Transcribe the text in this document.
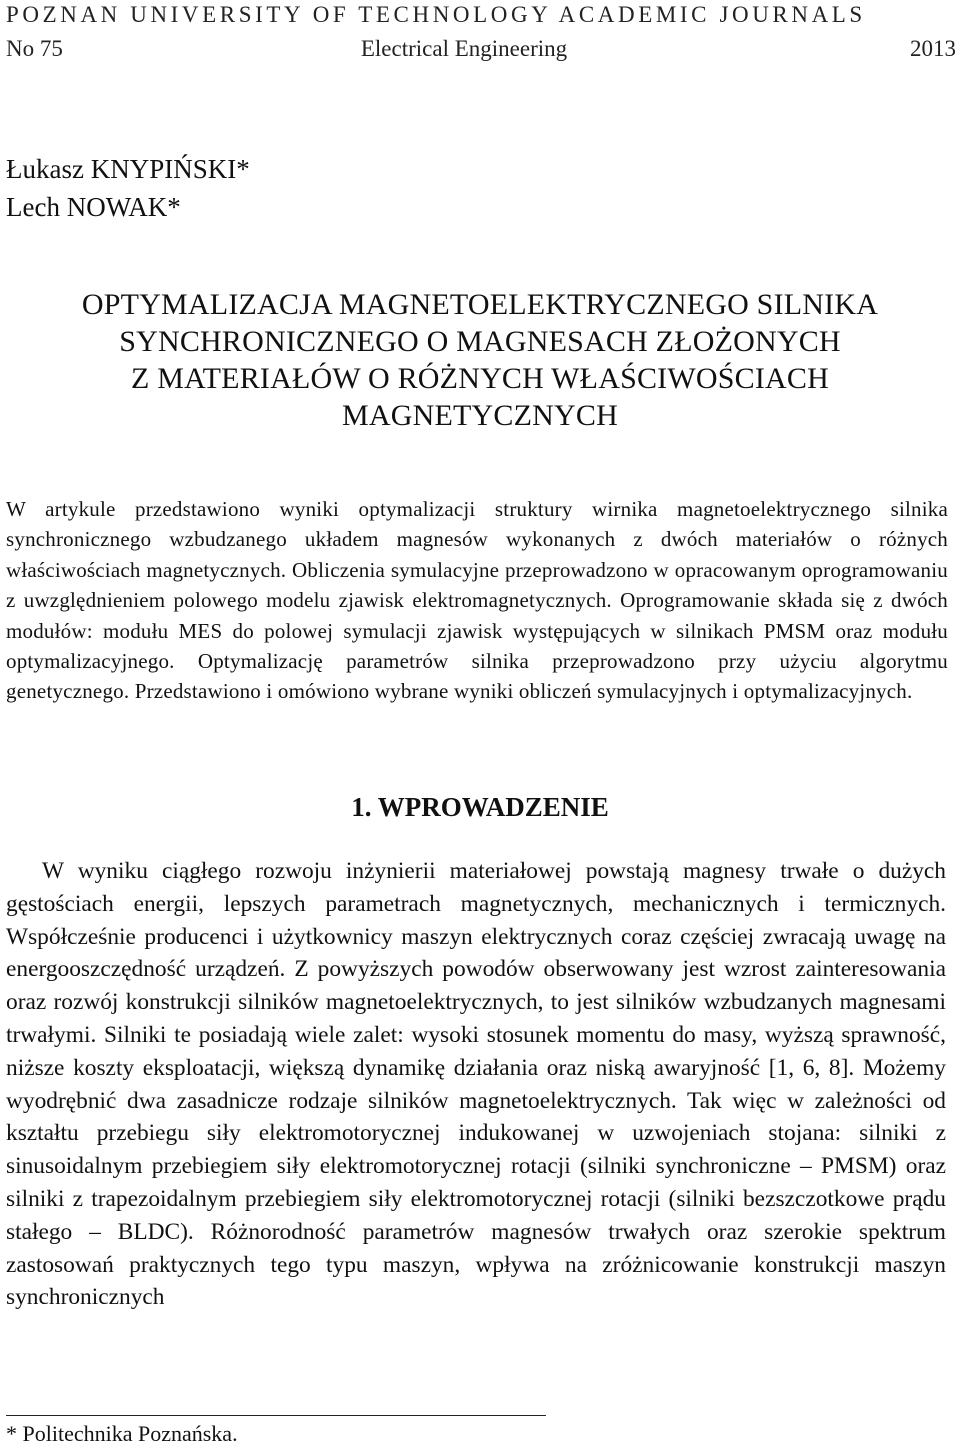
POZNAN UNIVERSITY OF TECHNOLOGY ACADEMIC JOURNALS
No 75	Electrical Engineering	2013
Łukasz KNYPIŃSKI*
Lech NOWAK*
OPTYMALIZACJA MAGNETOELEKTRYCZNEGO SILNIKA
SYNCHRONICZNEGO O MAGNESACH ZŁOŻONYCH
Z MATERIAŁÓW O RÓŻNYCH WŁAŚCIWOŚCIACH
MAGNETYCZNYCH
W artykule przedstawiono wyniki optymalizacji struktury wirnika magnetoelektrycznego silnika synchronicznego wzbudzanego układem magnesów wykonanych z dwóch materiałów o różnych właściwościach magnetycznych. Obliczenia symulacyjne przeprowadzono w opracowanym oprogramowaniu z uwzględnieniem polowego modelu zjawisk elektromagnetycznych. Oprogramowanie składa się z dwóch modułów: modułu MES do polowej symulacji zjawisk występujących w silnikach PMSM oraz modułu optymalizacyjnego. Optymalizację parametrów silnika przeprowadzono przy użyciu algorytmu genetycznego. Przedstawiono i omówiono wybrane wyniki obliczeń symulacyjnych i optymalizacyjnych.
1. WPROWADZENIE
W wyniku ciągłego rozwoju inżynierii materiałowej powstają magnesy trwałe o dużych gęstościach energii, lepszych parametrach magnetycznych, mechanicznych i termicznych. Współcześnie producenci i użytkownicy maszyn elektrycznych coraz częściej zwracają uwagę na energooszczędność urządzeń. Z powyższych powodów obserwowany jest wzrost zainteresowania oraz rozwój konstrukcji silników magnetoelektrycznych, to jest silników wzbudzanych magnesami trwałymi. Silniki te posiadają wiele zalet: wysoki stosunek momentu do masy, wyższą sprawność, niższe koszty eksploatacji, większą dynamikę działania oraz niską awaryjność [1, 6, 8]. Możemy wyodrębnić dwa zasadnicze rodzaje silników magnetoelektrycznych. Tak więc w zależności od kształtu przebiegu siły elektromotorycznej indukowanej w uzwojeniach stojana: silniki z sinusoidalnym przebiegiem siły elektromotorycznej rotacji (silniki synchroniczne – PMSM) oraz silniki z trapezoidalnym przebiegiem siły elektromotorycznej rotacji (silniki bezszczotkowe prądu stałego – BLDC). Różnorodność parametrów magnesów trwałych oraz szerokie spektrum zastosowań praktycznych tego typu maszyn, wpływa na zróżnicowanie konstrukcji maszyn synchronicznych
* Politechnika Poznańska.
